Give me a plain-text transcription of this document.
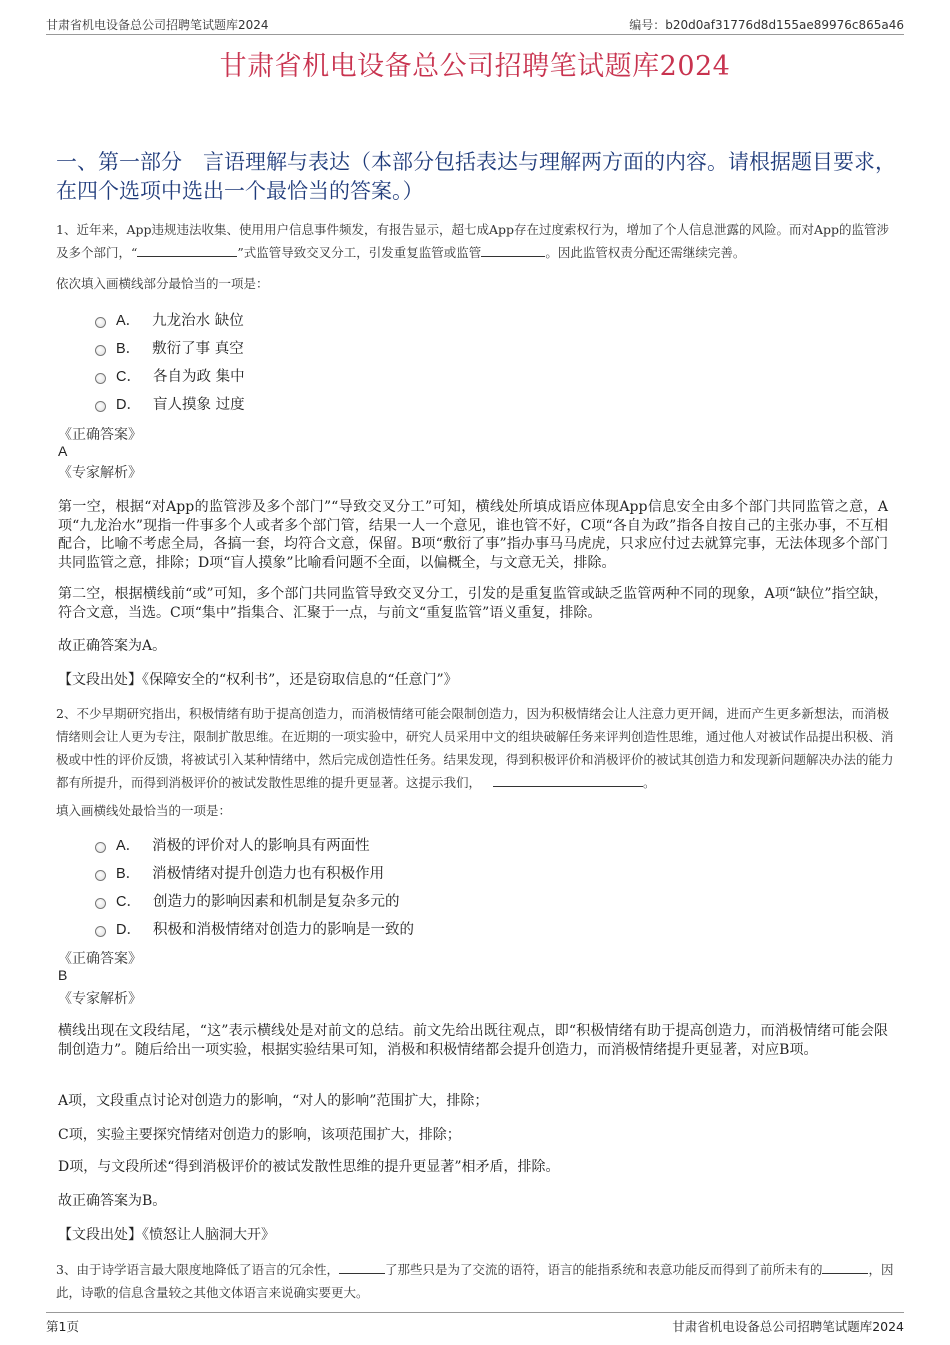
甘肃省机电设备总公司招聘笔试题库2024	编号：b20d0af31776d8d155ae89976c865a46
甘肃省机电设备总公司招聘笔试题库2024
一、第一部分　言语理解与表达（本部分包括表达与理解两方面的内容。请根据题目要求，在四个选项中选出一个最恰当的答案。）
1、近年来，App违规违法收集、使用用户信息事件频发，有报告显示，超七成App存在过度索权行为，增加了个人信息泄露的风险。而对App的监管涉及多个部门，“	”式监管导致交叉分工，引发重复监管或监管	。因此监管权责分配还需继续完善。
依次填入画横线部分最恰当的一项是：
A． 九龙治水 缺位
B． 敷衍了事 真空
C． 各自为政 集中
D． 盲人摸象 过度
《正确答案》
A
《专家解析》
第一空，根据“对App的监管涉及多个部门”“导致交叉分工”可知，横线处所填成语应体现App信息安全由多个部门共同监管之意，A项“九龙治水”现指一件事多个人或者多个部门管，结果一人一个意见，谁也管不好，C项“各自为政”指各自按自己的主张办事，不互相配合，比喻不考虑全局，各搞一套，均符合文意，保留。B项“敷衍了事”指办事马马虎虎，只求应付过去就算完事，无法体现多个部门共同监管之意，排除；D项“盲人摸象”比喻看问题不全面，以偏概全，与文意无关，排除。
第二空，根据横线前“或”可知，多个部门共同监管导致交叉分工，引发的是重复监管或缺乏监管两种不同的现象，A项“缺位”指空缺，符合文意，当选。C项“集中”指集合、汇聚于一点，与前文“重复监管”语义重复，排除。
故正确答案为A。
【文段出处】《保障安全的“权利书”，还是窃取信息的“任意门”》
2、不少早期研究指出，积极情绪有助于提高创造力，而消极情绪可能会限制创造力，因为积极情绪会让人注意力更开阔，进而产生更多新想法，而消极情绪则会让人更为专注，限制扩散思维。在近期的一项实验中，研究人员采用中文的组块破解任务来评判创造性思维，通过他人对被试作品提出积极、消极或中性的评价反馈，将被试引入某种情绪中，然后完成创造性任务。结果发现，得到积极评价和消极评价的被试其创造力和发现新问题解决办法的能力都有所提升，而得到消极评价的被试发散性思维的提升更显著。这提示我们，	。
填入画横线处最恰当的一项是：
A． 消极的评价对人的影响具有两面性
B． 消极情绪对提升创造力也有积极作用
C． 创造力的影响因素和机制是复杂多元的
D． 积极和消极情绪对创造力的影响是一致的
《正确答案》
B
《专家解析》
横线出现在文段结尾，“这”表示横线处是对前文的总结。前文先给出既往观点，即“积极情绪有助于提高创造力，而消极情绪可能会限制创造力”。随后给出一项实验，根据实验结果可知，消极和积极情绪都会提升创造力，而消极情绪提升更显著，对应B项。
A项，文段重点讨论对创造力的影响，“对人的影响”范围扩大，排除；
C项，实验主要探究情绪对创造力的影响，该项范围扩大，排除；
D项，与文段所述“得到消极评价的被试发散性思维的提升更显著”相矛盾，排除。
故正确答案为B。
【文段出处】《愤怒让人脑洞大开》
3、由于诗学语言最大限度地降低了语言的冗余性，	了那些只是为了交流的语符，语言的能指系统和表意功能反而得到了前所未有的	，因此，诗歌的信息含量较之其他文体语言来说确实要更大。
第1页	甘肃省机电设备总公司招聘笔试题库2024
